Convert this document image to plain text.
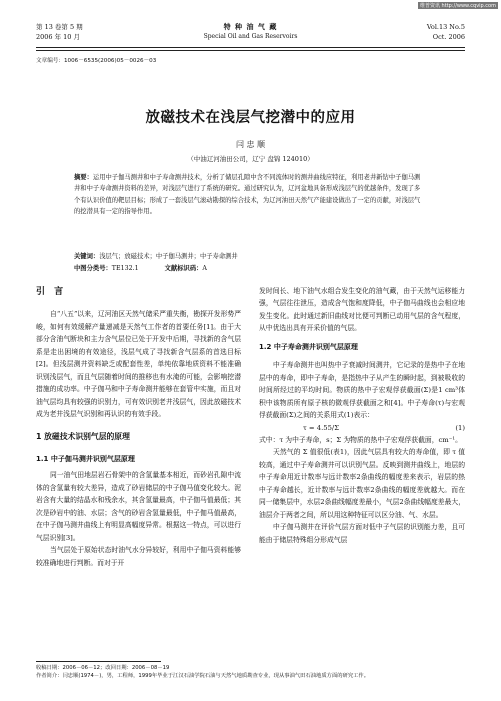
维普资讯 http://www.cqvip.com
第 13 卷第 5 期
2006 年 10 月
特 种 油 气 藏
Special Oil and Gas Reservoirs
Vol.13 No.5
Oct. 2006
文章编号：1006－6535(2006)05－0026－03
放磁技术在浅层气挖潜中的应用
闫 忠 顺
（中油辽河油田公司，辽宁 盘锦 124010）
摘要：运用中子伽马测井和中子寿命测井技术，分析了储层孔隙中含不同流体时的测井曲线应特征，利用老井新钻中子伽马测井和中子寿命测井资料的差异，对浅层气进行了系统的研究。通过研究认为，辽河盆地具备形成浅层气的优越条件，发现了多个有认识价值的靶层目标；形成了一套浅层气滚动勘探的综合技术，为辽河油田天然气产能建设做出了一定的贡献，对浅层气的挖潜具有一定的指导作用。
关键词：浅层气；放磁技术；中子伽马测井；中子寿命测井
中图分类号：TE132.1	文献标识码：A
引 言

自“八五”以来，辽河油区天然气储采严重失衡，勘探开发形势严峻，如何有效缓解产量递减是天然气工作者的首要任务[1]。由于大部分含油气断块和主力含气层位已处于开发中后期，寻找新的含气层系是走出困境的有效途径，浅层气成了寻找新含气层系的首选目标[2]。但浅层测井资料缺乏或配套性差，单纯依靠地质资料不能准确识别浅层气，而且气层随着时间的推移也有水淹的可能，会影响挖潜措施的成功率。中子伽马和中子寿命测井能够在套管中实施，而且对油气层均具有较强的识别力，可有效识别老井浅层气，因此放磁技术成为老井浅层气识别和再认识的有效手段。

1 放磁技术识别气层的原理
1.1 中子伽马测井识别气层原理

同一油气田地层岩石骨架中的含氢量基本相近，而砂岩孔隙中流体的含氢量有较大差异，造成了砂岩储层的中子伽马值变化较大。泥岩含有大量的结晶水和残余水，其含氢量最高，中子伽马值最低；其次是砂岩中的油、水层；含气的砂岩含氢量最低，中子伽马值最高，在中子伽马测井曲线上有明显高幅度异常。根据这一特点，可以进行气层识别[3]。

当气层处于原始状态时油气水分异较好，利用中子伽马资料能够较准确地进行判断。而对于开

发时间长、地下油气水组合发生变化的油气藏，由于天然气运移能力强，气层往往泄压，造成含气饱和度降低，中子伽马曲线也会相应地发生变化。此时通过新旧曲线对比便可判断已动用气层的含气程度，从中优选出具有开采价值的气层。

1.2 中子寿命测井识别气层原理

中子寿命测井也叫热中子衰减时间测井，它记录的是热中子在地层中的寿命，即中子寿命，是指热中子从产生的瞬时起，到被吸收的时间所经过的平均时间。物质的热中子宏观俘获截面(Σ)是1 cm³体积中该物质所有原子核的微观俘获截面之和[4]。中子寿命(τ)与宏观俘获截面(Σ)之间的关系用式(1)表示：

τ = 4.55/Σ	(1)

式中：τ 为中子寿命，s；Σ 为物质的热中子宏观俘获截面，cm⁻¹。

天然气的 Σ 值很低(表1)，因此气层具有较大的寿命值，即 τ 值较高，通过中子寿命测井可以识别气层。反映到测井曲线上，地层的中子寿命用近计数率与远计数率2条曲线的幅度差来表示，岩层的热中子寿命越长，近计数率与远计数率2条曲线的幅度差就越大。而在同一储集层中，水层2条曲线幅度差最小，气层2条曲线幅度差最大，油层介于两者之间，所以用这种特征可以区分油、气、水层。

中子伽马测井在评价气层方面对低中子气层的识别能力差，且可能由于储层特殊组分形成气层

收稿日期：2006－06－12；改回日期：2006－08－19
作者简介：闫忠顺(1974－)，男，工程师，1999年毕业于江汉石油学院石油与天然气地质勘查专业，现从事油气田石油地质方面的研究工作。
